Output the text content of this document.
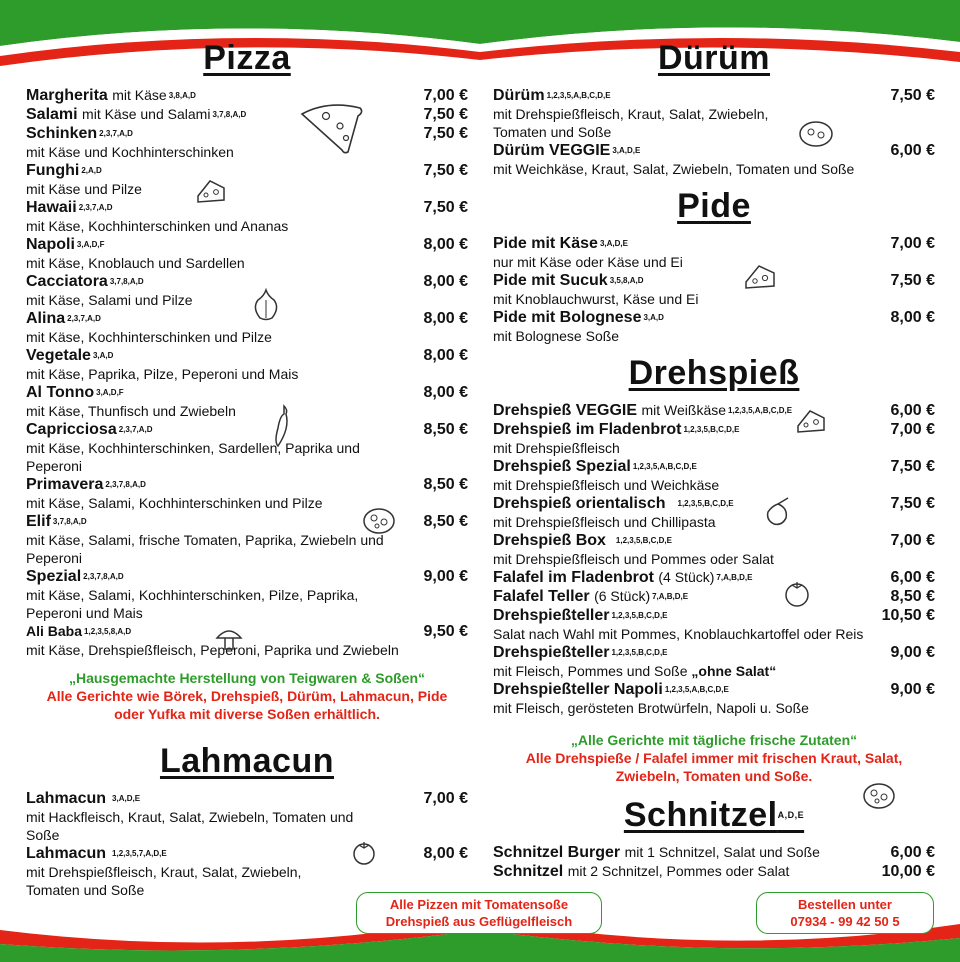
Pizza
Margherita mit Käse $^{3,8,A,D}$	7,00 €
Salami mit Käse und Salami $^{3,7,8,A,D}$	7,50 €
Schinken $^{2,3,7,A,D}$	7,50 €
mit Käse und Kochhinterschinken
Funghi $^{2,A,D}$	7,50 €
mit Käse und Pilze
Hawaii $^{2,3,7,A,D}$	7,50 €
mit Käse, Kochhinterschinken und Ananas
Napoli $^{3,A,D,F}$	8,00 €
mit Käse, Knoblauch und Sardellen
Cacciatora $^{3,7,8,A,D}$	8,00 €
mit Käse, Salami und Pilze
Alina $^{2,3,7,A,D}$	8,00 €
mit Käse, Kochhinterschinken und Pilze
Vegetale $^{3,A,D}$	8,00 €
mit Käse, Paprika, Pilze, Peperoni und Mais
Al Tonno $^{3,A,D,F}$	8,00 €
mit Käse, Thunfisch und Zwiebeln
Capricciosa $^{2,3,7,A,D}$	8,50 €
mit Käse, Kochhinterschinken, Sardellen, Paprika und Peperoni
Primavera $^{2,3,7,8,A,D}$	8,50 €
mit Käse, Salami, Kochhinterschinken und Pilze
Elif $^{3,7,8,A,D}$	8,50 €
mit Käse, Salami, frische Tomaten, Paprika, Zwiebeln und Peperoni
Spezial $^{2,3,7,8,A,D}$	9,00 €
mit Käse, Salami, Kochhinterschinken, Pilze, Paprika, Peperoni und Mais
Ali Baba $^{1,2,3,5,8,A,D}$	9,50 €
mit Käse, Drehspießfleisch, Peperoni, Paprika und Zwiebeln
„Hausgemachte Herstellung von Teigwaren & Soßen“
Alle Gerichte wie Börek, Drehspieß, Dürüm, Lahmacun, Pide oder Yufka mit diverse Soßen erhältlich.
Lahmacun
Lahmacun $^{3,A,D,E}$	7,00 €
mit Hackfleisch, Kraut, Salat, Zwiebeln, Tomaten und Soße
Lahmacun $^{1,2,3,5,7,A,D,E}$	8,00 €
mit Drehspießfleisch, Kraut, Salat, Zwiebeln, Tomaten und Soße
Dürüm
Dürüm $^{1,2,3,5,A,B,C,D,E}$	7,50 €
mit Drehspießfleisch, Kraut, Salat, Zwiebeln, Tomaten und Soße
Dürüm VEGGIE $^{3,A,D,E}$	6,00 €
mit Weichkäse, Kraut, Salat, Zwiebeln, Tomaten und Soße
Pide
Pide mit Käse $^{3,A,D,E}$	7,00 €
nur mit Käse oder Käse und Ei
Pide mit Sucuk $^{3,5,8,A,D}$	7,50 €
mit Knoblauchwurst, Käse und Ei
Pide mit Bolognese $^{3,A,D}$	8,00 €
mit Bolognese Soße
Drehspieß
Drehspieß VEGGIE mit Weißkäse $^{1,2,3,5,A,B,C,D,E}$	6,00 €
Drehspieß im Fladenbrot $^{1,2,3,5,B,C,D,E}$	7,00 €
mit Drehspießfleisch
Drehspieß Spezial $^{1,2,3,5,A,B,C,D,E}$	7,50 €
mit Drehspießfleisch und Weichkäse
Drehspieß orientalisch $^{1,2,3,5,B,C,D,E}$	7,50 €
mit Drehspießfleisch und Chillipasta
Drehspieß Box $^{1,2,3,5,B,C,D,E}$	7,00 €
mit Drehspießfleisch und Pommes oder Salat
Falafel im Fladenbrot (4 Stück) $^{7,A,B,D,E}$	6,00 €
Falafel Teller (6 Stück) $^{7,A,B,D,E}$	8,50 €
Drehspießteller $^{1,2,3,5,B,C,D,E}$	10,50 €
Salat nach Wahl mit Pommes, Knoblauchkartoffel oder Reis
Drehspießteller $^{1,2,3,5,B,C,D,E}$	9,00 €
mit Fleisch, Pommes und Soße „ohne Salat“
Drehspießteller Napoli $^{1,2,3,5,A,B,C,D,E}$	9,00 €
mit Fleisch, gerösteten Brotwürfeln, Napoli u. Soße
„Alle Gerichte mit tägliche frische Zutaten“
Alle Drehspieße / Falafel immer mit frischen Kraut, Salat, Zwiebeln, Tomaten und Soße.
Schnitzel$^{A,D,E}$
Schnitzel Burger mit 1 Schnitzel, Salat und Soße	6,00 €
Schnitzel mit 2 Schnitzel, Pommes oder Salat	10,00 €
Alle Pizzen mit Tomatensoße
Drehspieß aus Geflügelfleisch
Bestellen unter
07934 - 99 42 50 5
